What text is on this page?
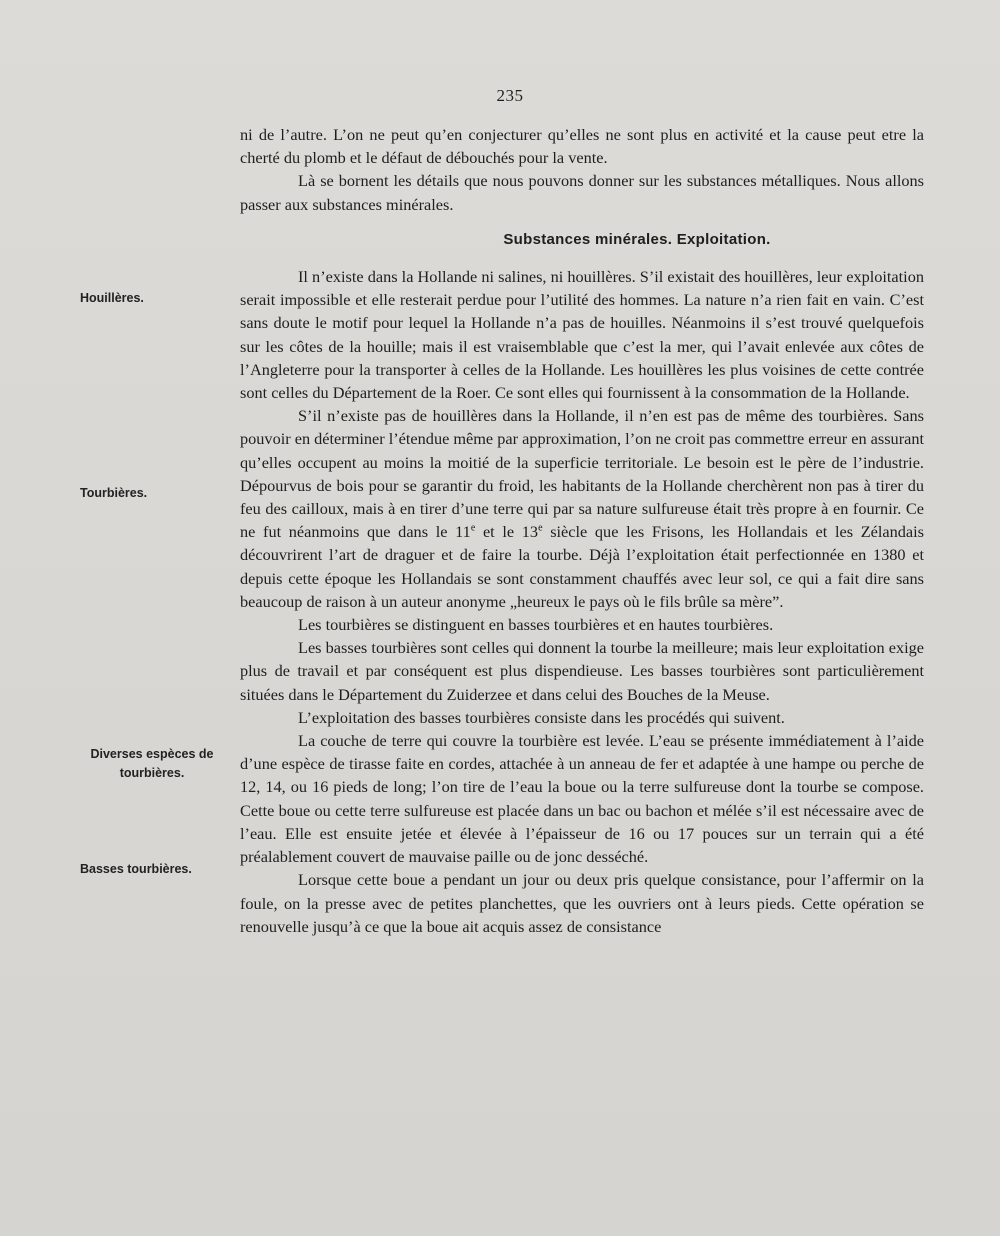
235
Houillères.
Tourbières.
Diverses espèces de tourbières.
Basses tourbières.

ni de l’autre. L’on ne peut qu’en conjecturer qu’elles ne sont plus en activité et la cause peut etre la cherté du plomb et le défaut de débouchés pour la vente.

Là se bornent les détails que nous pouvons donner sur les substances métalliques. Nous allons passer aux substances minérales.

Substances minérales. Exploitation.

Il n’existe dans la Hollande ni salines, ni houillères. S’il existait des houillères, leur exploitation serait impossible et elle resterait perdue pour l’utilité des hommes. La nature n’a rien fait en vain. C’est sans doute le motif pour lequel la Hollande n’a pas de houilles. Néanmoins il s’est trouvé quelquefois sur les côtes de la houille; mais il est vraisemblable que c’est la mer, qui l’avait enlevée aux côtes de l’Angleterre pour la transporter à celles de la Hollande. Les houillères les plus voisines de cette contrée sont celles du Département de la Roer. Ce sont elles qui fournissent à la consommation de la Hollande.

S’il n’existe pas de houillères dans la Hollande, il n’en est pas de même des tourbières. Sans pouvoir en déterminer l’étendue même par approximation, l’on ne croit pas commettre erreur en assurant qu’elles occupent au moins la moitié de la superficie territoriale. Le besoin est le père de l’industrie. Dépourvus de bois pour se garantir du froid, les habitants de la Hollande cherchèrent non pas à tirer du feu des cailloux, mais à en tirer d’une terre qui par sa nature sulfureuse était très propre à en fournir. Ce ne fut néanmoins que dans le 11e et le 13e siècle que les Frisons, les Hollandais et les Zélandais découvrirent l’art de draguer et de faire la tourbe. Déjà l’exploitation était perfectionnée en 1380 et depuis cette époque les Hollandais se sont constamment chauffés avec leur sol, ce qui a fait dire sans beaucoup de raison à un auteur anonyme „heureux le pays où le fils brûle sa mère”.

Les tourbières se distinguent en basses tourbières et en hautes tourbières.

Les basses tourbières sont celles qui donnent la tourbe la meilleure; mais leur exploitation exige plus de travail et par conséquent est plus dispendieuse. Les basses tourbières sont particulièrement situées dans le Département du Zuiderzee et dans celui des Bouches de la Meuse.

L’exploitation des basses tourbières consiste dans les procédés qui suivent.

La couche de terre qui couvre la tourbière est levée. L’eau se présente immédiatement à l’aide d’une espèce de tirasse faite en cordes, attachée à un anneau de fer et adaptée à une hampe ou perche de 12, 14, ou 16 pieds de long; l’on tire de l’eau la boue ou la terre sulfureuse dont la tourbe se compose. Cette boue ou cette terre sulfureuse est placée dans un bac ou bachon et mélée s’il est nécessaire avec de l’eau. Elle est ensuite jetée et élevée à l’épaisseur de 16 ou 17 pouces sur un terrain qui a été préalablement couvert de mauvaise paille ou de jonc desséché.

Lorsque cette boue a pendant un jour ou deux pris quelque consistance, pour l’affermir on la foule, on la presse avec de petites planchettes, que les ouvriers ont à leurs pieds. Cette opération se renouvelle jusqu’à ce que la boue ait acquis assez de consistance
